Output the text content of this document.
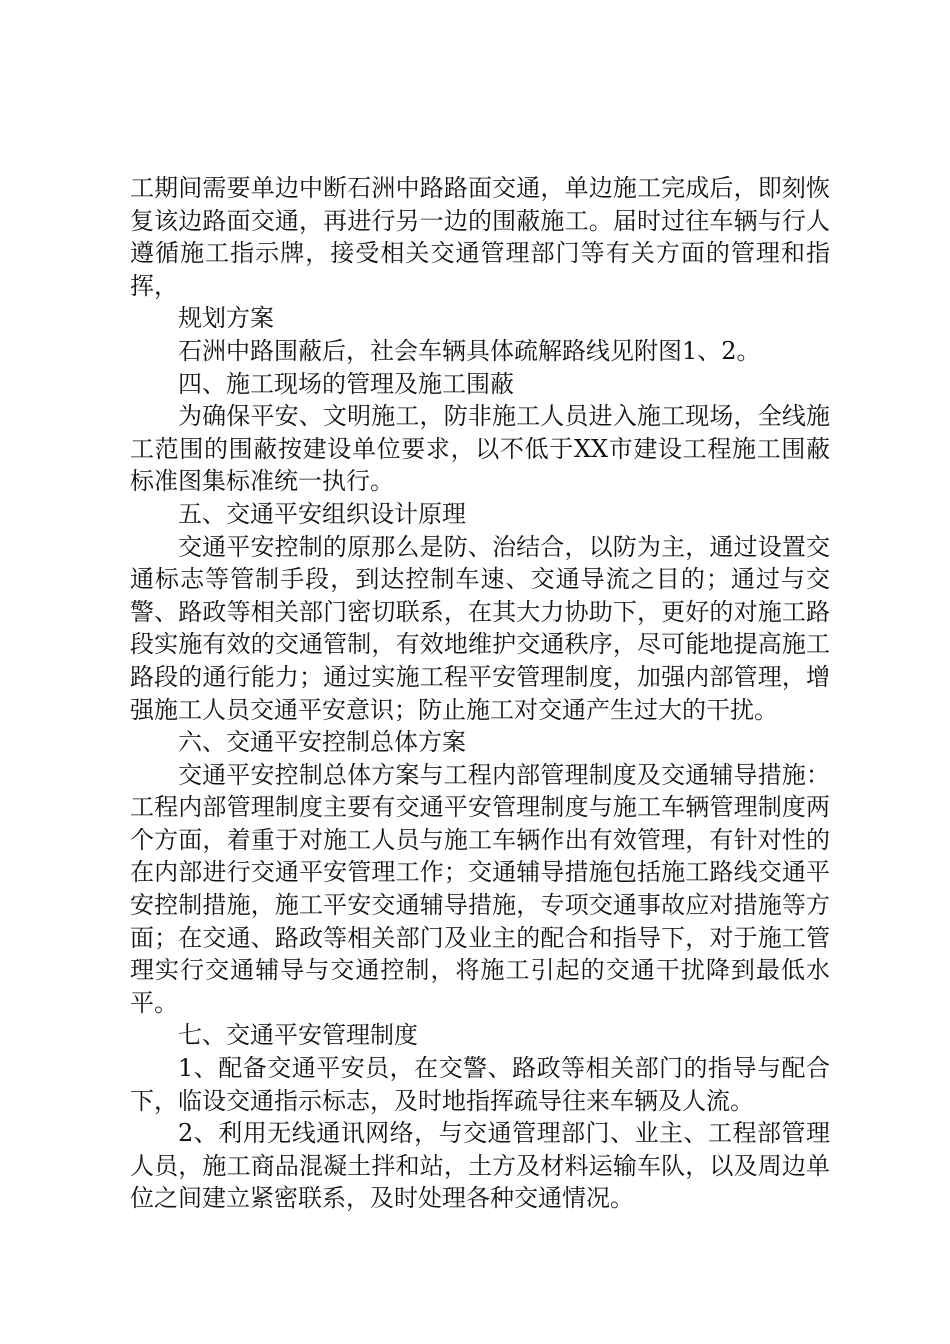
工期间需要单边中断石洲中路路面交通，单边施工完成后，即刻恢复该边路面交通，再进行另一边的围蔽施工。届时过往车辆与行人遵循施工指示牌，接受相关交通管理部门等有关方面的管理和指挥，

规划方案

石洲中路围蔽后，社会车辆具体疏解路线见附图1、2。

四、施工现场的管理及施工围蔽

为确保平安、文明施工，防非施工人员进入施工现场，全线施工范围的围蔽按建设单位要求，以不低于XX市建设工程施工围蔽标准图集标准统一执行。

五、交通平安组织设计原理

交通平安控制的原那么是防、治结合，以防为主，通过设置交通标志等管制手段，到达控制车速、交通导流之目的；通过与交警、路政等相关部门密切联系，在其大力协助下，更好的对施工路段实施有效的交通管制，有效地维护交通秩序，尽可能地提高施工路段的通行能力；通过实施工程平安管理制度，加强内部管理，增强施工人员交通平安意识；防止施工对交通产生过大的干扰。

六、交通平安控制总体方案

交通平安控制总体方案与工程内部管理制度及交通辅导措施：工程内部管理制度主要有交通平安管理制度与施工车辆管理制度两个方面，着重于对施工人员与施工车辆作出有效管理，有针对性的在内部进行交通平安管理工作；交通辅导措施包括施工路线交通平安控制措施，施工平安交通辅导措施，专项交通事故应对措施等方面；在交通、路政等相关部门及业主的配合和指导下，对于施工管理实行交通辅导与交通控制，将施工引起的交通干扰降到最低水平。

七、交通平安管理制度

1、配备交通平安员，在交警、路政等相关部门的指导与配合下，临设交通指示标志，及时地指挥疏导往来车辆及人流。

2、利用无线通讯网络，与交通管理部门、业主、工程部管理人员，施工商品混凝土拌和站，土方及材料运输车队，以及周边单位之间建立紧密联系，及时处理各种交通情况。
